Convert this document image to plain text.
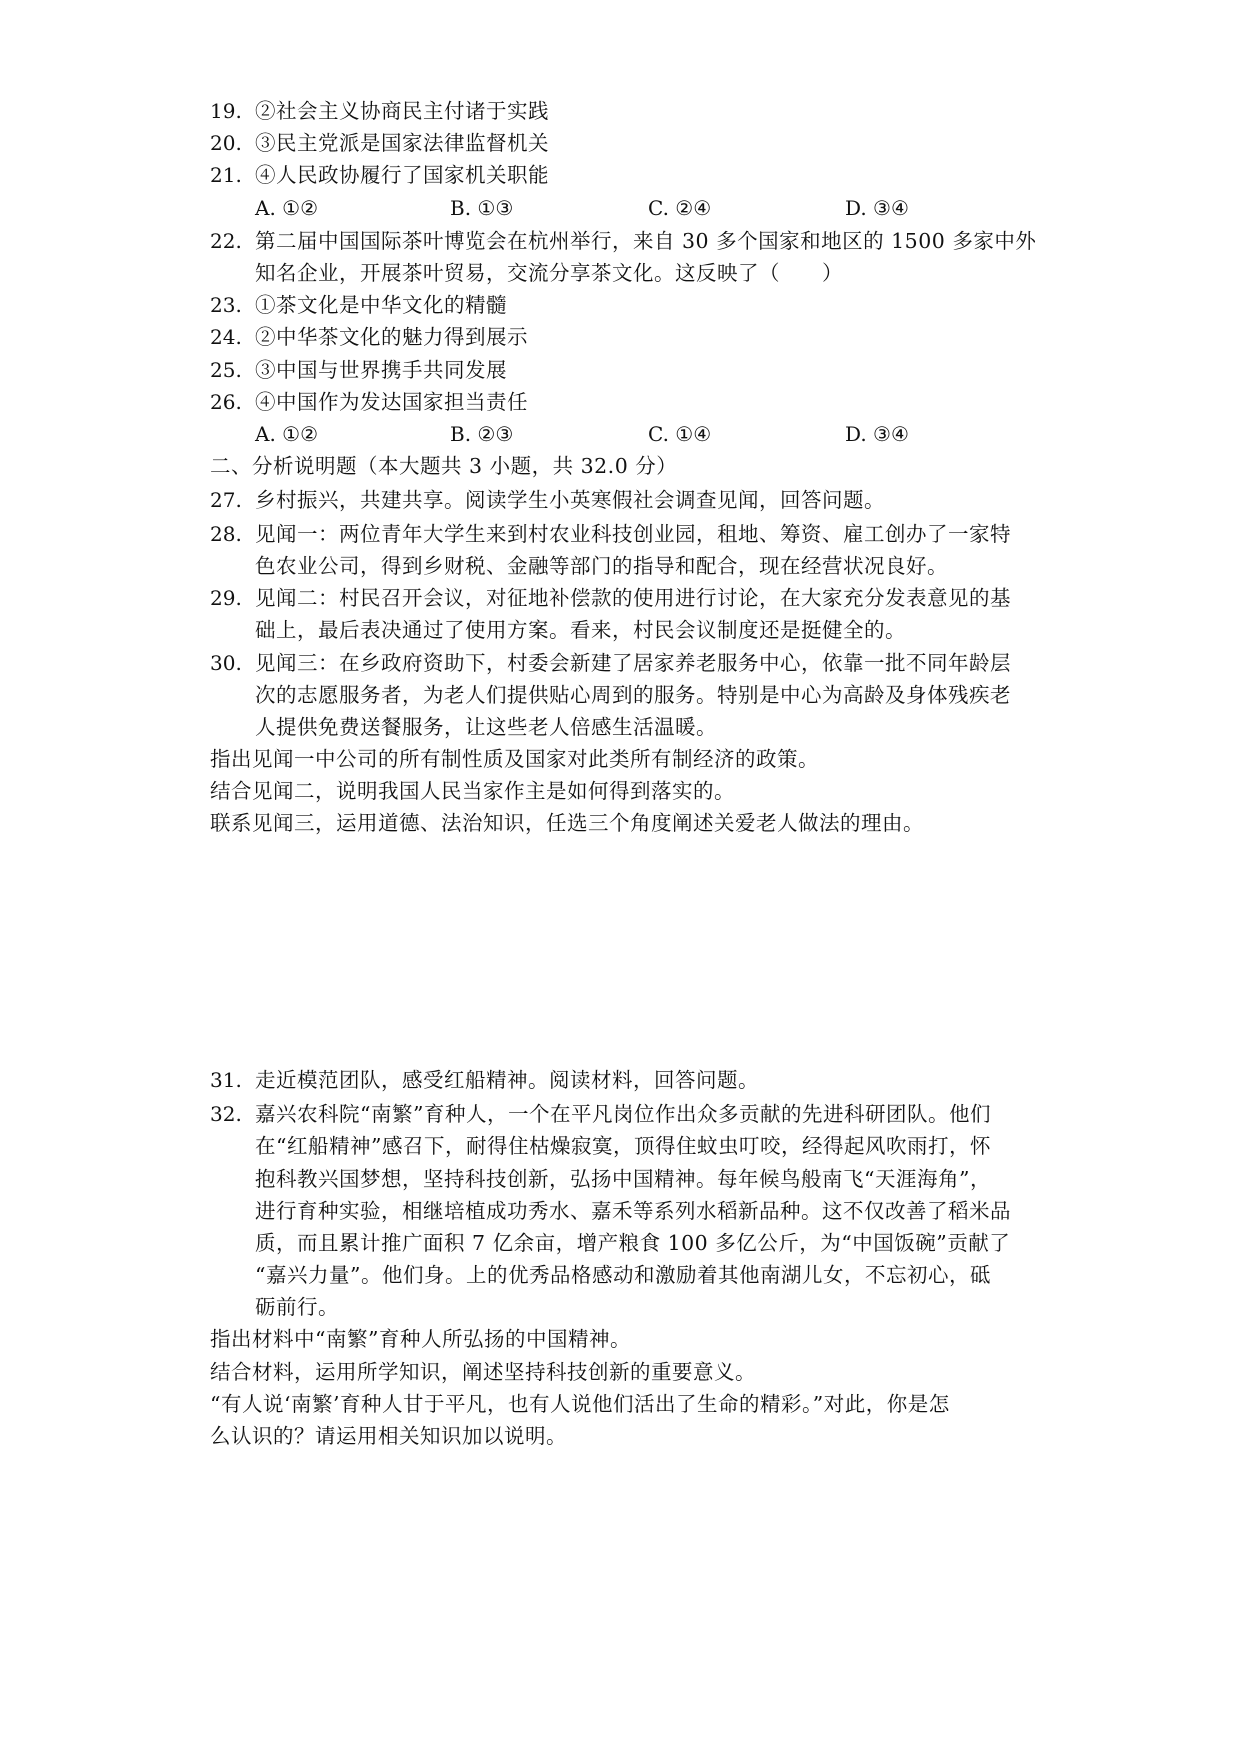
19. ②社会主义协商民主付诸于实践
20. ③民主党派是国家法律监督机关
21. ④人民政协履行了国家机关职能
A. ①②	B. ①③	C. ②④	D. ③④
22. 第二届中国国际茶叶博览会在杭州举行，来自 30 多个国家和地区的 1500 多家中外
知名企业，开展茶叶贸易，交流分享茶文化。这反映了（　　）
23. ①茶文化是中华文化的精髓
24. ②中华茶文化的魅力得到展示
25. ③中国与世界携手共同发展
26. ④中国作为发达国家担当责任
A. ①②	B. ②③	C. ①④	D. ③④
二、分析说明题（本大题共 3 小题，共 32.0 分）
27. 乡村振兴，共建共享。阅读学生小英寒假社会调查见闻，回答问题。
28. 见闻一：两位青年大学生来到村农业科技创业园，租地、筹资、雇工创办了一家特
色农业公司，得到乡财税、金融等部门的指导和配合，现在经营状况良好。
29. 见闻二：村民召开会议，对征地补偿款的使用进行讨论，在大家充分发表意见的基
础上，最后表决通过了使用方案。看来，村民会议制度还是挺健全的。
30. 见闻三：在乡政府资助下，村委会新建了居家养老服务中心，依靠一批不同年龄层
次的志愿服务者，为老人们提供贴心周到的服务。特别是中心为高龄及身体残疾老
人提供免费送餐服务，让这些老人倍感生活温暖。
指出见闻一中公司的所有制性质及国家对此类所有制经济的政策。
结合见闻二，说明我国人民当家作主是如何得到落实的。
联系见闻三，运用道德、法治知识，任选三个角度阐述关爱老人做法的理由。
31. 走近模范团队，感受红船精神。阅读材料，回答问题。
32. 嘉兴农科院“南繁”育种人，一个在平凡岗位作出众多贡献的先进科研团队。他们
在“红船精神”感召下，耐得住枯燥寂寞，顶得住蚊虫叮咬，经得起风吹雨打，怀
抱科教兴国梦想，坚持科技创新，弘扬中国精神。每年候鸟般南飞“天涯海角”，
进行育种实验，相继培植成功秀水、嘉禾等系列水稻新品种。这不仅改善了稻米品
质，而且累计推广面积 7 亿余亩，增产粮食 100 多亿公斤，为“中国饭碗”贡献了
“嘉兴力量”。他们身。上的优秀品格感动和激励着其他南湖儿女，不忘初心，砥
砺前行。
指出材料中“南繁”育种人所弘扬的中国精神。
结合材料，运用所学知识，阐述坚持科技创新的重要意义。
“有人说‘南繁’育种人甘于平凡，也有人说他们活出了生命的精彩。”对此，你是怎
么认识的？请运用相关知识加以说明。
